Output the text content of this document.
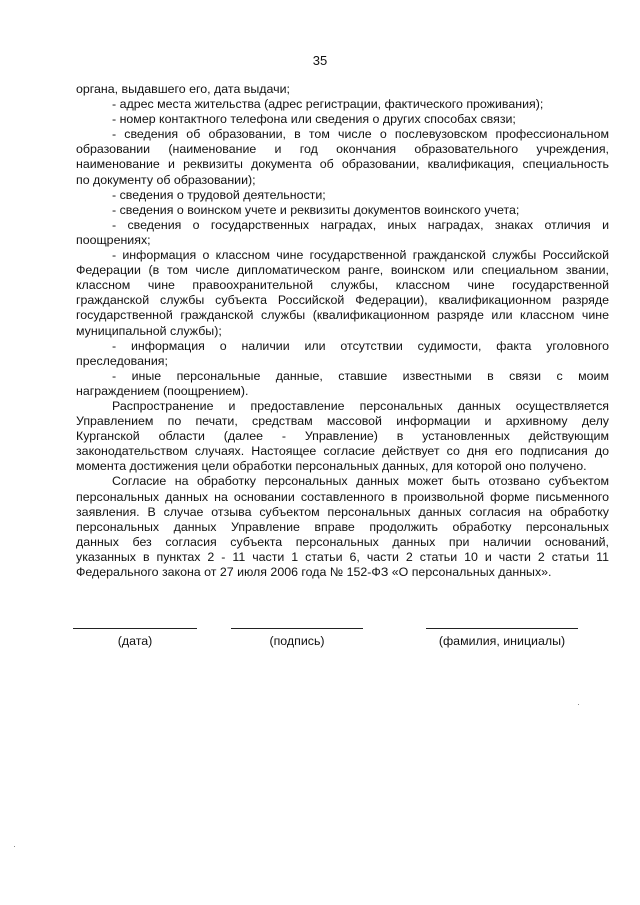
35
органа, выдавшего его, дата выдачи;
- адрес места жительства (адрес регистрации, фактического проживания);
- номер контактного телефона или сведения о других способах связи;
- сведения об образовании, в том числе о послевузовском профессиональном
образовании (наименование и год окончания образовательного учреждения,
наименование и реквизиты документа об образовании, квалификация, специальность
по документу об образовании);
- сведения о трудовой деятельности;
- сведения о воинском учете и реквизиты документов воинского учета;
- сведения о государственных наградах, иных наградах, знаках отличия и
поощрениях;
- информация о классном чине государственной гражданской службы Российской
Федерации (в том числе дипломатическом ранге, воинском или специальном звании,
классном чине правоохранительной службы, классном чине государственной
гражданской службы субъекта Российской Федерации), квалификационном разряде
государственной гражданской службы (квалификационном разряде или классном чине
муниципальной службы);
- информация о наличии или отсутствии судимости, факта уголовного
преследования;
- иные персональные данные, ставшие известными в связи с моим
награждением (поощрением).
Распространение и предоставление персональных данных осуществляется
Управлением по печати, средствам массовой информации и архивному делу
Курганской области (далее - Управление) в установленных действующим
законодательством случаях. Настоящее согласие действует со дня его подписания до
момента достижения цели обработки персональных данных, для которой оно получено.
Согласие на обработку персональных данных может быть отозвано субъектом
персональных данных на основании составленного в произвольной форме письменного
заявления. В случае отзыва субъектом персональных данных согласия на обработку
персональных данных Управление вправе продолжить обработку персональных
данных без согласия субъекта персональных данных при наличии оснований,
указанных в пунктах 2 - 11 части 1 статьи 6, части 2 статьи 10 и части 2 статьи 11
Федерального закона от 27 июля 2006 года № 152-ФЗ «О персональных данных».
(дата)	(подпись)	(фамилия, инициалы)
